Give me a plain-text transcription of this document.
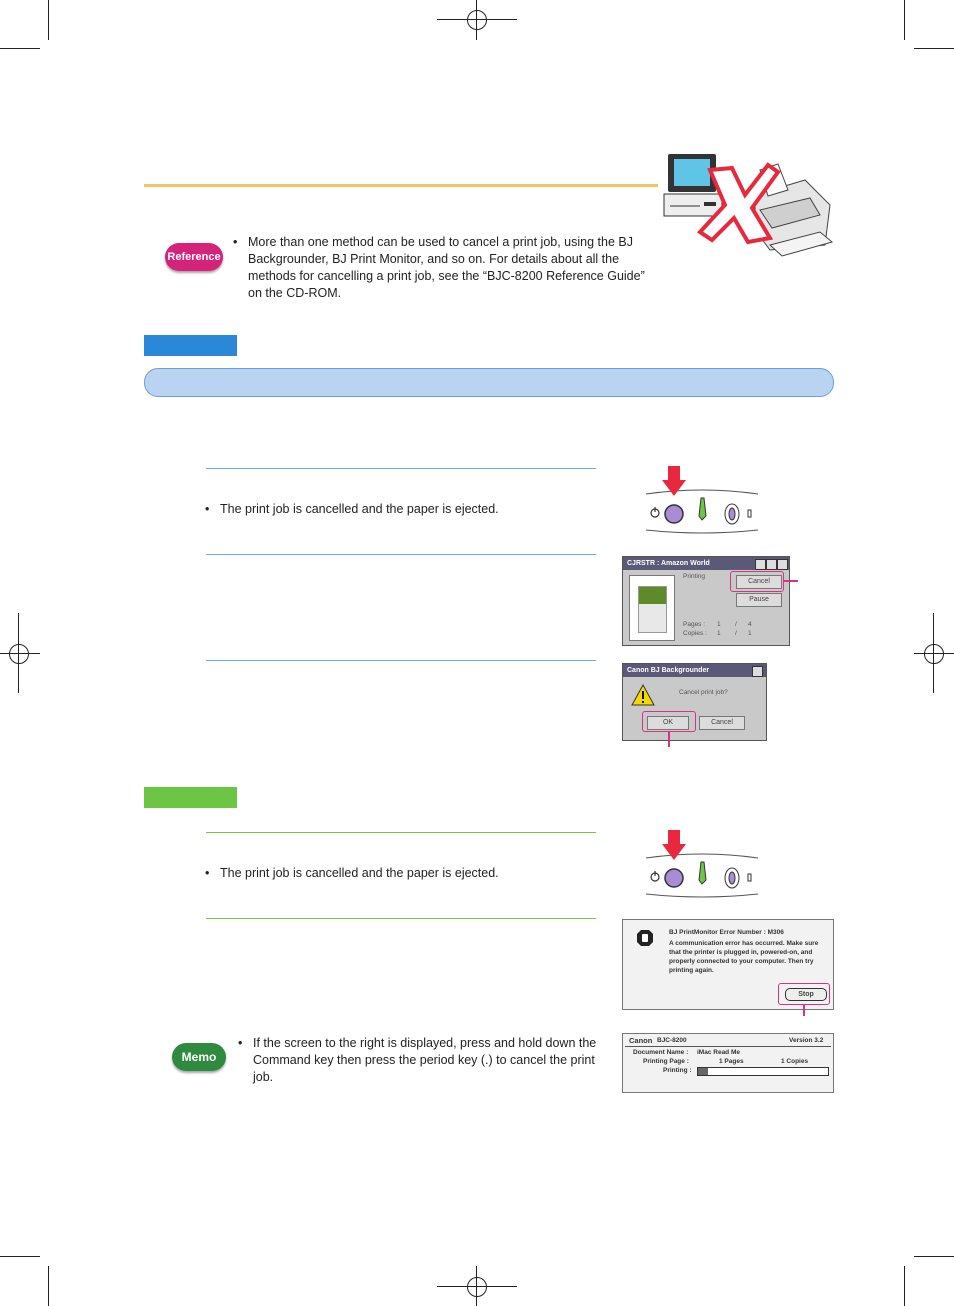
Reference
• More than one method can be used to cancel a print job, using the BJ Backgrounder, BJ Print Monitor, and so on. For details about all the methods for cancelling a print job, see the “BJC-8200 Reference Guide” on the CD-ROM.
• The print job is cancelled and the paper is ejected.
CJRSTR : Amazon World
Printing
Cancel
Pause
Pages : 1 / 4
Copies : 1 / 1
Canon BJ Backgrounder
Cancel print job?
OK	Cancel
• The print job is cancelled and the paper is ejected.
BJ PrintMonitor Error Number : M306
A communication error has occurred. Make sure that the printer is plugged in, powered-on, and properly connected to your computer. Then try printing again.
Stop
Memo
• If the screen to the right is displayed, press and hold down the Command key then press the period key (.) to cancel the print job.
Canon BJC-8200	Version 3.2
Document Name : iMac Read Me
Printing Page :	1 Pages	1 Copies
Printing :
